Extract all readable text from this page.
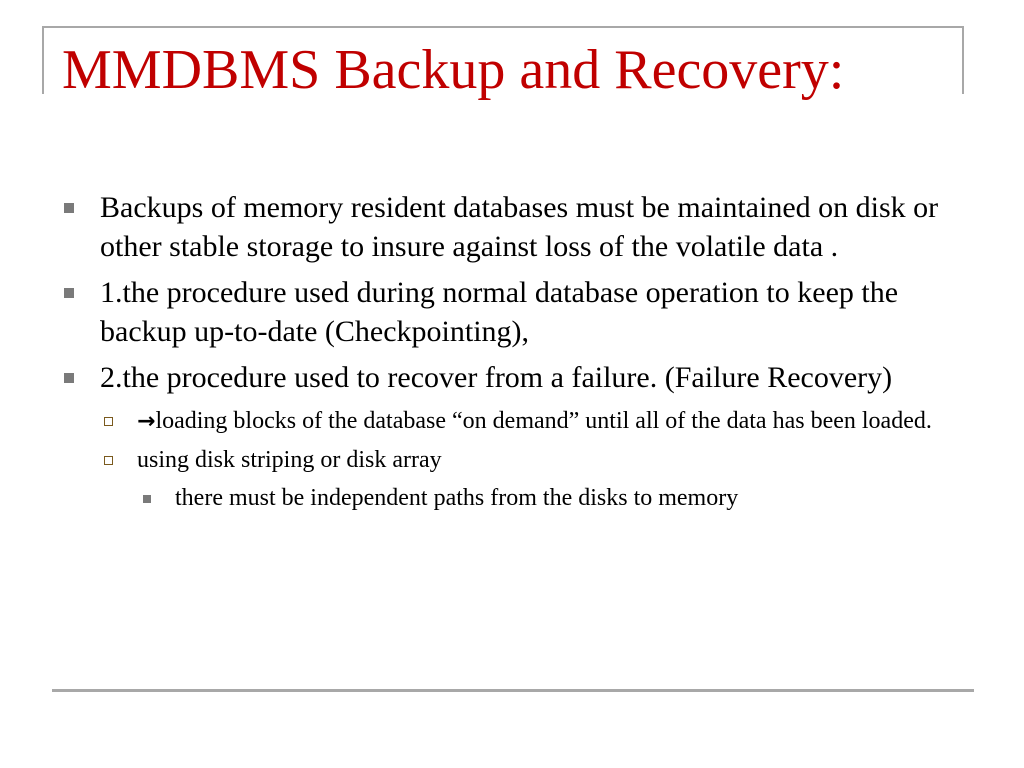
MMDBMS Backup and Recovery:
Backups of memory resident databases must be maintained on disk or other stable storage to insure against loss of the volatile data .
1.the procedure used during normal database operation to keep the backup up-to-date (Checkpointing),
2.the procedure used to recover from a failure. (Failure Recovery)
→loading blocks of the database “on demand” until all of the data has been loaded.
using disk striping or disk array
there must be independent paths from the disks to memory
